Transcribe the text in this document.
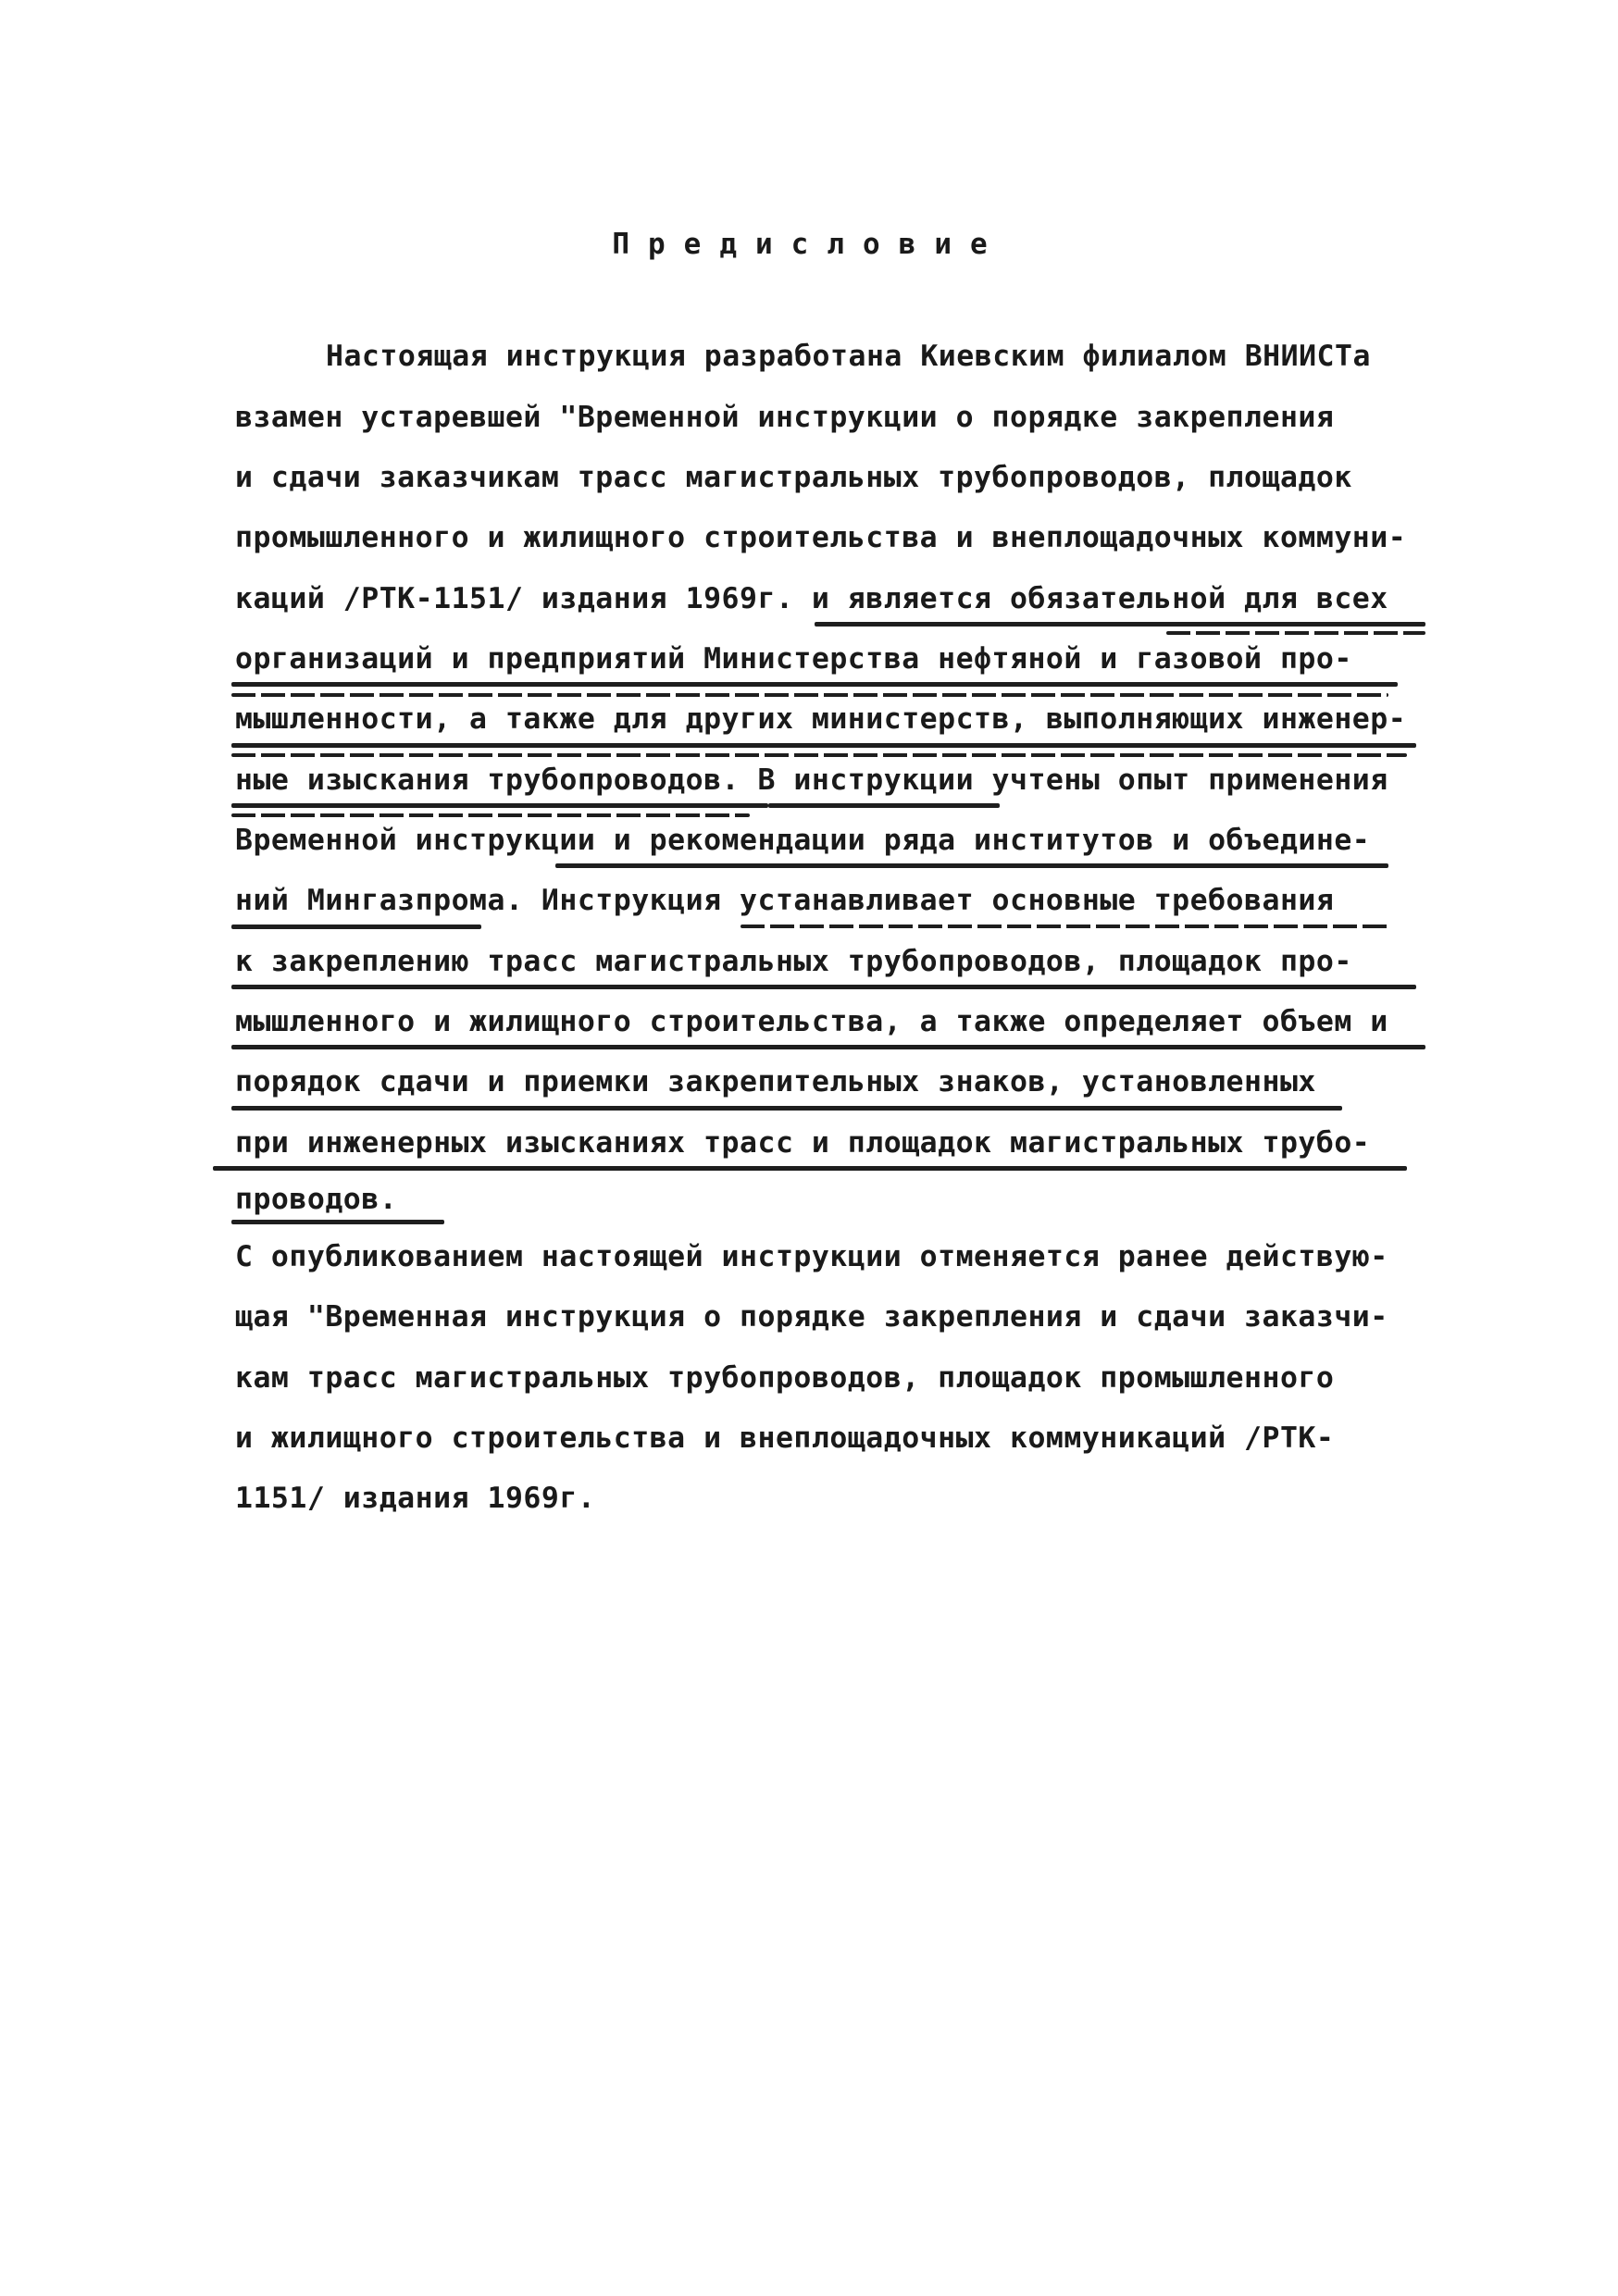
Предисловие
Настоящая инструкция разработана Киевским филиалом ВНИИСТа
взамен устаревшей "Временной инструкции о порядке закрепления
и сдачи заказчикам трасс магистральных трубопроводов, площадок
промышленного и жилищного строительства и внеплощадочных коммуни-
каций /РТК-1151/ издания 1969г. и является обязательной для всех
организаций и предприятий Министерства нефтяной и газовой про-
мышленности, а также для других министерств, выполняющих инженер-
ные изыскания трубопроводов. В инструкции учтены опыт применения
Временной инструкции и рекомендации ряда институтов и объедине-
ний Мингазпрома. Инструкция устанавливает основные требования
к закреплению трасс магистральных трубопроводов, площадок про-
мышленного и жилищного строительства, а также определяет объем и
порядок сдачи и приемки закрепительных знаков, установленных
при инженерных изысканиях трасс и площадок магистральных трубо-
проводов.
С опубликованием настоящей инструкции отменяется ранее действую-
щая "Временная инструкция о порядке закрепления и сдачи заказчи-
кам трасс магистральных трубопроводов, площадок промышленного
и жилищного строительства и внеплощадочных коммуникаций /РТК-
1151/ издания 1969г.
